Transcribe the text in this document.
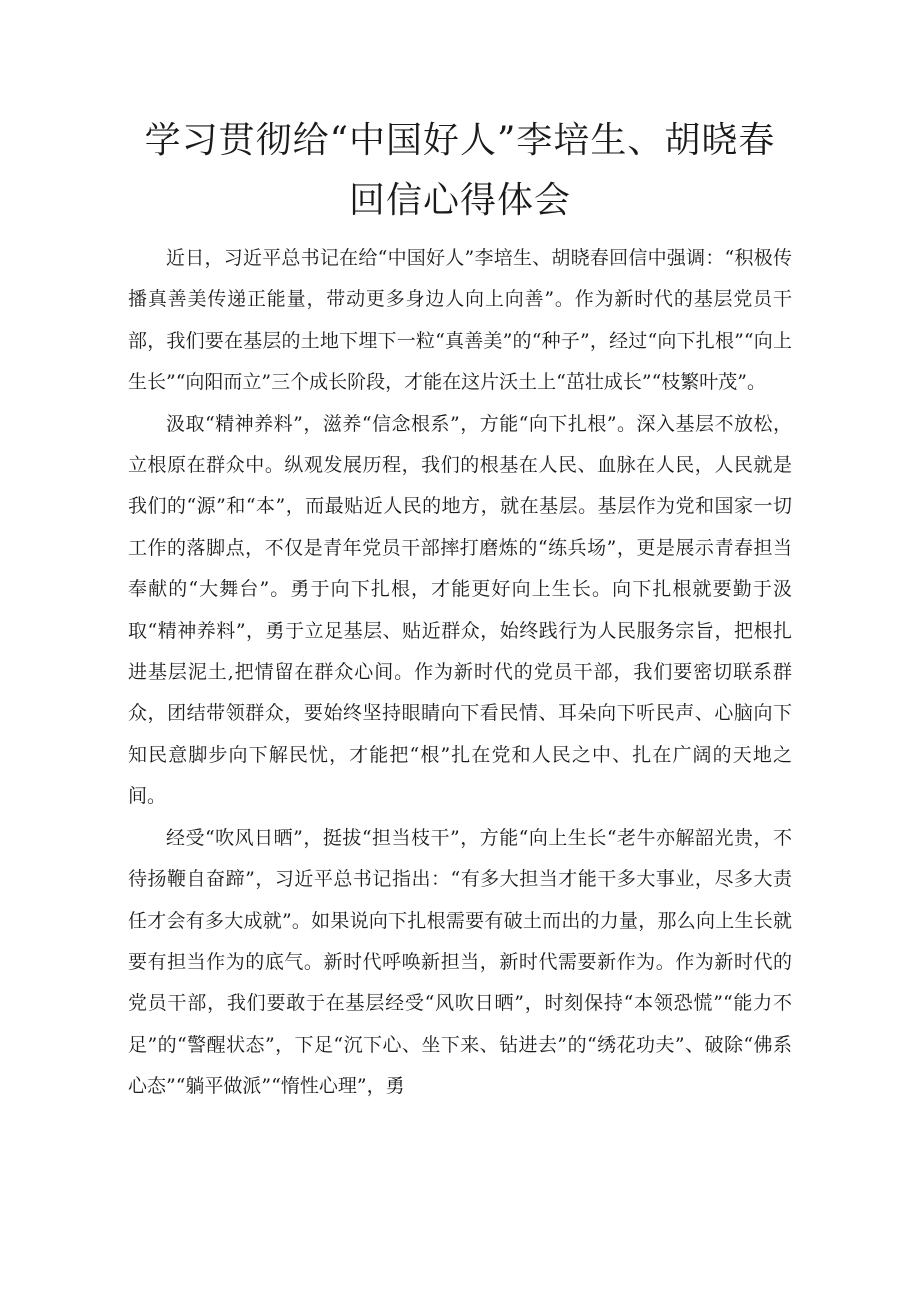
学习贯彻给“中国好人”李培生、胡晓春
回信心得体会

近日，习近平总书记在给“中国好人”李培生、胡晓春回信中强调：“积极传播真善美传递正能量，带动更多身边人向上向善”。作为新时代的基层党员干部，我们要在基层的土地下埋下一粒“真善美”的“种子”，经过“向下扎根”“向上生长”“向阳而立”三个成长阶段，才能在这片沃土上“茁壮成长”“枝繁叶茂”。

汲取“精神养料”，滋养“信念根系”，方能“向下扎根”。深入基层不放松，立根原在群众中。纵观发展历程，我们的根基在人民、血脉在人民，人民就是我们的“源”和“本”，而最贴近人民的地方，就在基层。基层作为党和国家一切工作的落脚点，不仅是青年党员干部摔打磨炼的“练兵场”，更是展示青春担当奉献的“大舞台”。勇于向下扎根，才能更好向上生长。向下扎根就要勤于汲取“精神养料”，勇于立足基层、贴近群众，始终践行为人民服务宗旨，把根扎进基层泥土,把情留在群众心间。作为新时代的党员干部，我们要密切联系群众，团结带领群众，要始终坚持眼睛向下看民情、耳朵向下听民声、心脑向下知民意脚步向下解民忧，才能把“根”扎在党和人民之中、扎在广阔的天地之间。

经受“吹风日晒”，挺拔“担当枝干”，方能“向上生长“老牛亦解韶光贵，不待扬鞭自奋蹄”，习近平总书记指出：“有多大担当才能干多大事业，尽多大责任才会有多大成就”。如果说向下扎根需要有破土而出的力量，那么向上生长就要有担当作为的底气。新时代呼唤新担当，新时代需要新作为。作为新时代的党员干部，我们要敢于在基层经受“风吹日晒”，时刻保持“本领恐慌”“能力不足”的“警醒状态”，下足“沉下心、坐下来、钻进去”的“绣花功夫”、破除“佛系心态”“躺平做派”“惰性心理”，勇
